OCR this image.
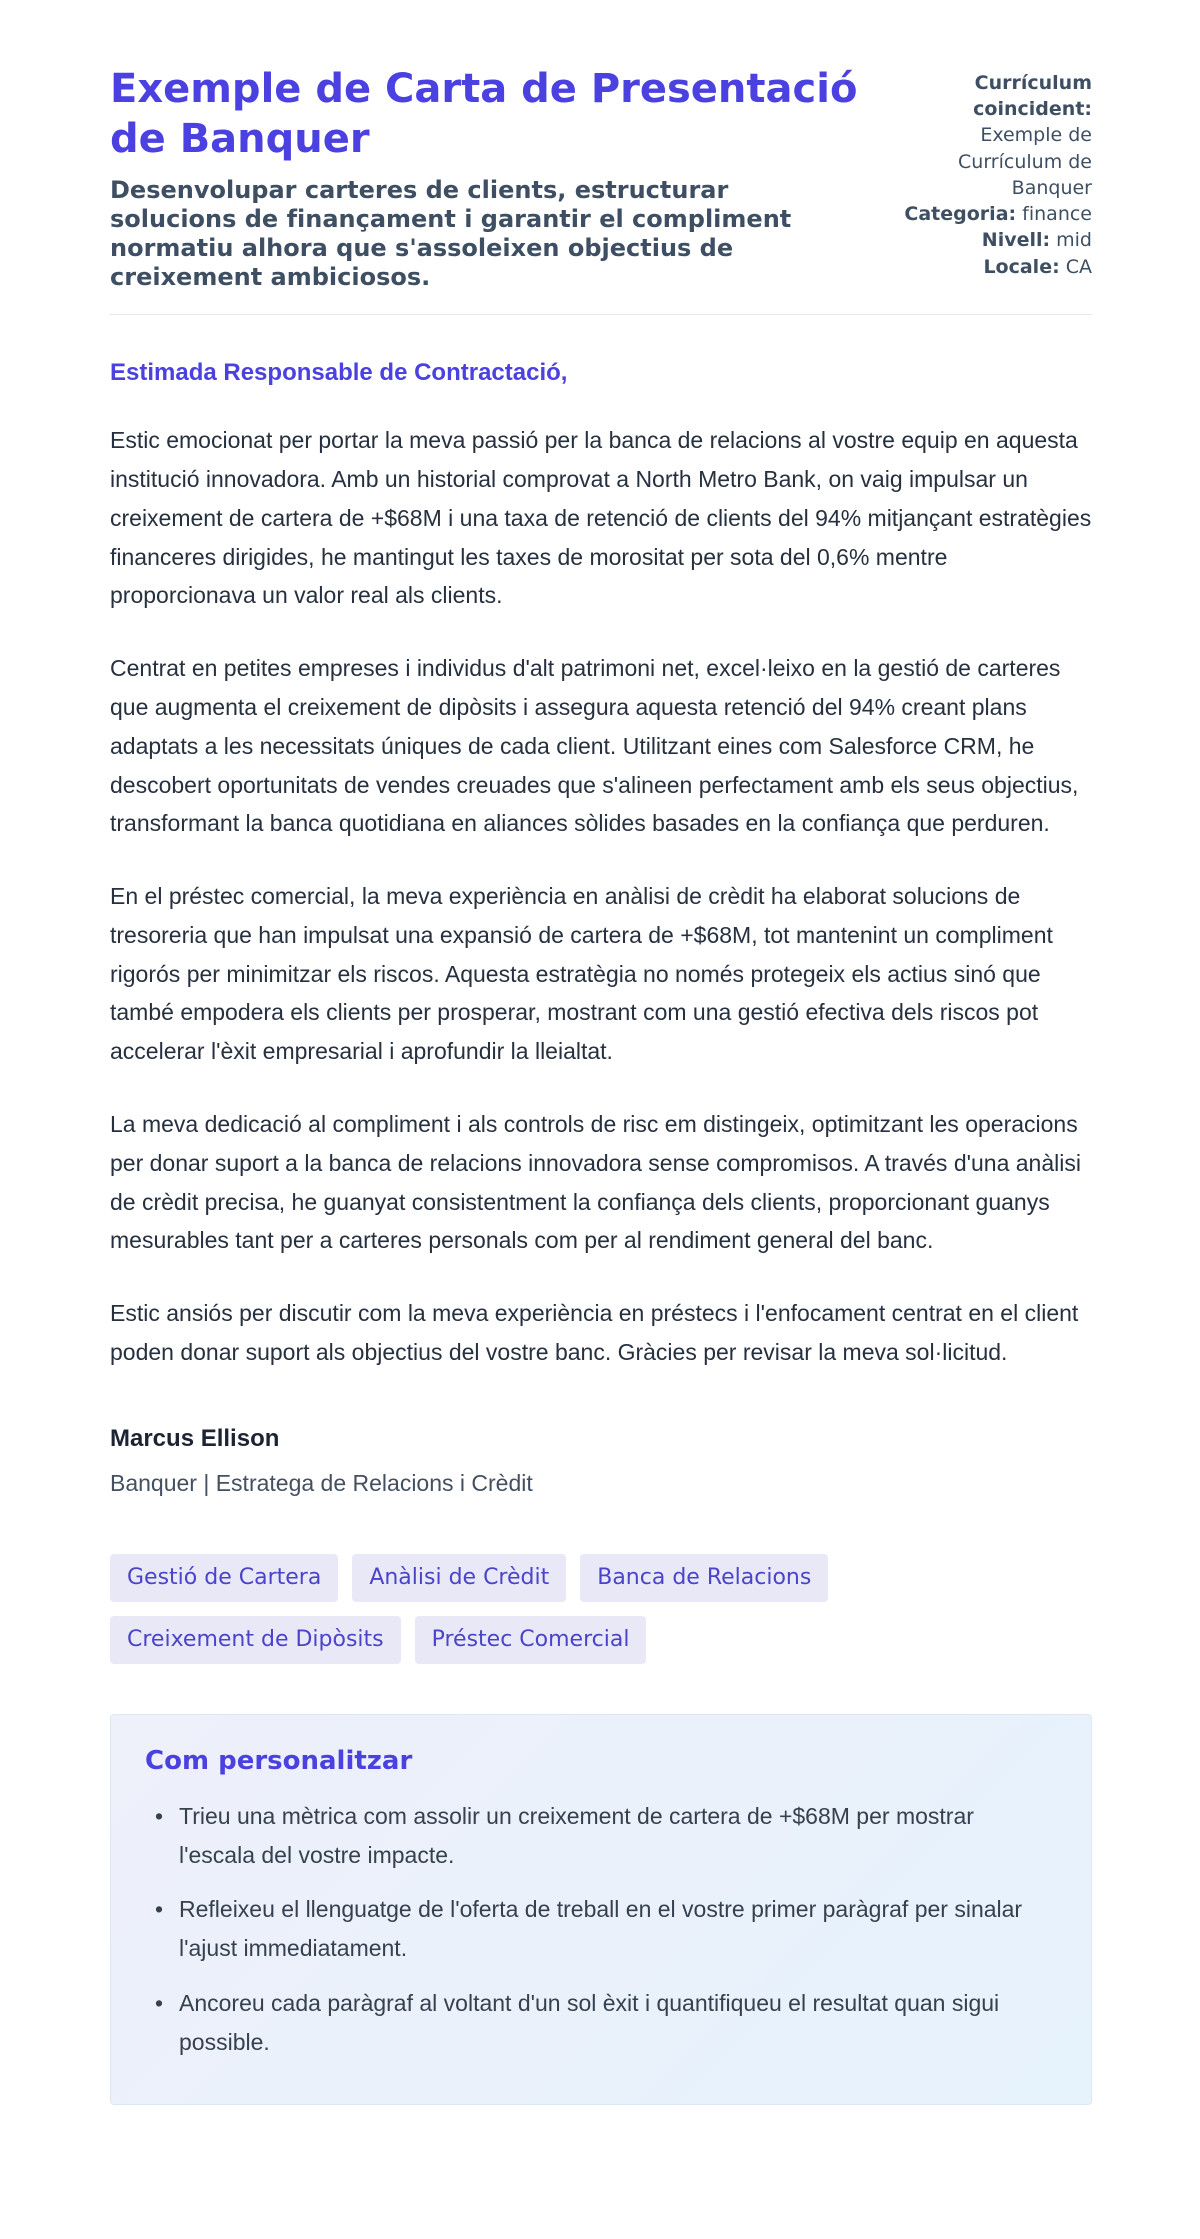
Exemple de Carta de Presentació de Banquer
Desenvolupar carteres de clients, estructurar solucions de finançament i garantir el compliment normatiu alhora que s'assoleixen objectius de creixement ambiciosos.
Currículum coincident: Exemple de Currículum de Banquer
Categoria: finance
Nivell: mid
Locale: CA
Estimada Responsable de Contractació,

Estic emocionat per portar la meva passió per la banca de relacions al vostre equip en aquesta institució innovadora. Amb un historial comprovat a North Metro Bank, on vaig impulsar un creixement de cartera de +$68M i una taxa de retenció de clients del 94% mitjançant estratègies financeres dirigides, he mantingut les taxes de morositat per sota del 0,6% mentre proporcionava un valor real als clients.

Centrat en petites empreses i individus d'alt patrimoni net, excel·leixo en la gestió de carteres que augmenta el creixement de dipòsits i assegura aquesta retenció del 94% creant plans adaptats a les necessitats úniques de cada client. Utilitzant eines com Salesforce CRM, he descobert oportunitats de vendes creuades que s'alineen perfectament amb els seus objectius, transformant la banca quotidiana en aliances sòlides basades en la confiança que perduren.

En el préstec comercial, la meva experiència en anàlisi de crèdit ha elaborat solucions de tresoreria que han impulsat una expansió de cartera de +$68M, tot mantenint un compliment rigorós per minimitzar els riscos. Aquesta estratègia no només protegeix els actius sinó que també empodera els clients per prosperar, mostrant com una gestió efectiva dels riscos pot accelerar l'èxit empresarial i aprofundir la lleialtat.

La meva dedicació al compliment i als controls de risc em distingeix, optimitzant les operacions per donar suport a la banca de relacions innovadora sense compromisos. A través d'una anàlisi de crèdit precisa, he guanyat consistentment la confiança dels clients, proporcionant guanys mesurables tant per a carteres personals com per al rendiment general del banc.

Estic ansiós per discutir com la meva experiència en préstecs i l'enfocament centrat en el client poden donar suport als objectius del vostre banc. Gràcies per revisar la meva sol·licitud.

Marcus Ellison
Banquer | Estratega de Relacions i Crèdit
Gestió de Cartera	Anàlisi de Crèdit	Banca de Relacions
Creixement de Dipòsits	Préstec Comercial
Com personalitzar
• Trieu una mètrica com assolir un creixement de cartera de +$68M per mostrar l'escala del vostre impacte.
• Refleixeu el llenguatge de l'oferta de treball en el vostre primer paràgraf per sinalar l'ajust immediatament.
• Ancoreu cada paràgraf al voltant d'un sol èxit i quantifiqueu el resultat quan sigui possible.
